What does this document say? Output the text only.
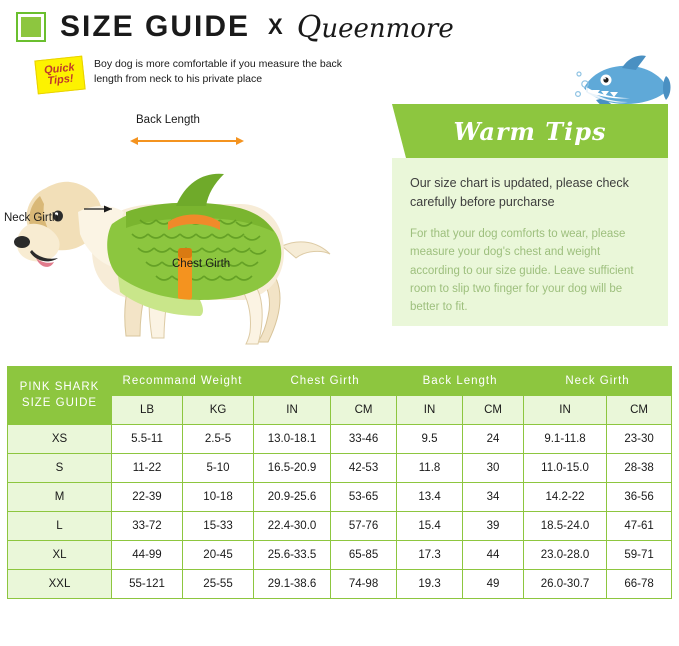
SIZE GUIDE X Queenmore
Quick
Tips!
Boy dog is more comfortable if you measure the back length from neck to his private place
Back Length
Neck Girth
Chest Girth
Warm Tips

Our size chart is updated, please check carefully before purcharse

For that your dog comforts to wear, please measure your dog's chest and weight according to our size guide. Leave sufficient room to slip two finger for your dog will be better to fit.

PINK SHARK
SIZE GUIDE	Recommand Weight		Chest Girth		Back Length		Neck Girth	
	LB	KG	IN	CM	IN	CM	IN	CM
XS	5.5-11	2.5-5	13.0-18.1	33-46	9.5	24	9.1-11.8	23-30
S	11-22	5-10	16.5-20.9	42-53	11.8	30	11.0-15.0	28-38
M	22-39	10-18	20.9-25.6	53-65	13.4	34	14.2-22	36-56
L	33-72	15-33	22.4-30.0	57-76	15.4	39	18.5-24.0	47-61
XL	44-99	20-45	25.6-33.5	65-85	17.3	44	23.0-28.0	59-71
XXL	55-121	25-55	29.1-38.6	74-98	19.3	49	26.0-30.7	66-78
